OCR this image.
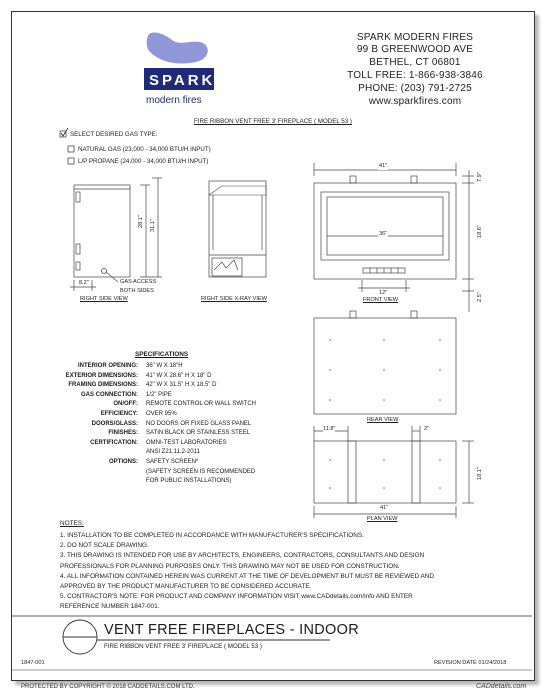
SPARK
modern fires
SPARK MODERN FIRES
99 B GREENWOOD AVE
BETHEL, CT 06801
TOLL FREE: 1-866-938-3846
PHONE: (203) 791-2725
www.sparkfires.com
FIRE RIBBON VENT FREE 3' FIREPLACE ( MODEL 53 )
SELECT DESIRED GAS TYPE:
NATURAL GAS (23,000 - 34,000 BTU/H INPUT)
L/P PROPANE (24,000 - 34,000 BTU/H INPUT)
28.1" 31.1"
8.2"	GAS ACCESS
BOTH SIDES
RIGHT SIDE VIEW	RIGHT SIDE X-RAY VIEW
41"
36"
7.9"
18.6"
2.5"
12"
FRONT VIEW
REAR VIEW
11.8"	2"
18.1"
41"
PLAN VIEW
SPECIFICATIONS
INTERIOR OPENING: 36" W X 18"H
EXTERIOR DIMENSIONS: 41" W X 28.6" H X 18" D
FRAMING DIMENSIONS: 42" W X 31.5" H X 18.5" D
GAS CONNECTION: 1/2" PIPE
ON/OFF: REMOTE CONTROL OR WALL SWITCH
EFFICIENCY: OVER 95%
DOORS/GLASS: NO DOORS OR FIXED GLASS PANEL
FINISHES: SATIN BLACK OR STAINLESS STEEL
CERTIFICATION: OMNI-TEST LABORATORIES
ANSI Z21.11.2-2011
OPTIONS: SAFETY SCREEN*
(SAFETY SCREEN IS RECOMMENDED
FOR PUBLIC INSTALLATIONS)
NOTES:
1. INSTALLATION TO BE COMPLETED IN ACCORDANCE WITH MANUFACTURER'S SPECIFICATIONS.
2. DO NOT SCALE DRAWING.
3. THIS DRAWING IS INTENDED FOR USE BY ARCHITECTS, ENGINEERS, CONTRACTORS, CONSULTANTS AND DESIGN
PROFESSIONALS FOR PLANNING PURPOSES ONLY. THIS DRAWING MAY NOT BE USED FOR CONSTRUCTION.
4. ALL INFORMATION CONTAINED HEREIN WAS CURRENT AT THE TIME OF DEVELOPMENT BUT MUST BE REVIEWED AND
APPROVED BY THE PRODUCT MANUFACTURER TO BE CONSIDERED ACCURATE.
5. CONTRACTOR'S NOTE: FOR PRODUCT AND COMPANY INFORMATION VISIT www.CADdetails.com/info AND ENTER
REFERENCE NUMBER 1847-001.
VENT FREE FIREPLACES - INDOOR
FIRE RIBBON VENT FREE 3' FIREPLACE ( MODEL 53 )
1847-001	REVISION DATE 01/24/2018
PROTECTED BY COPYRIGHT © 2018 CADDETAILS.COM LTD.	CADdetails.com
